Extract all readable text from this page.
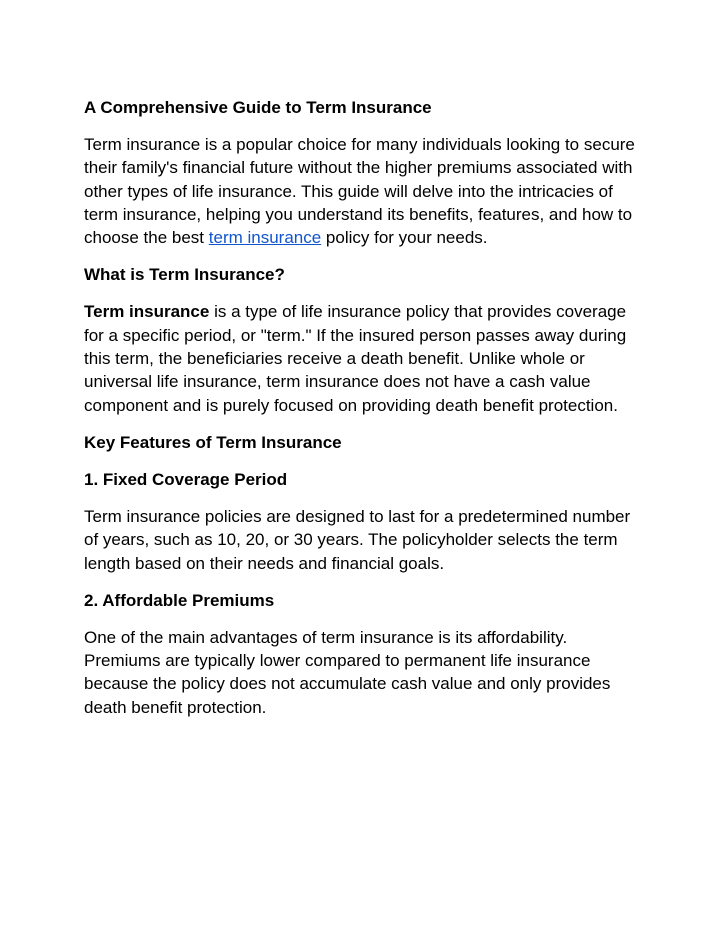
A Comprehensive Guide to Term Insurance

Term insurance is a popular choice for many individuals looking to secure their family's financial future without the higher premiums associated with other types of life insurance. This guide will delve into the intricacies of term insurance, helping you understand its benefits, features, and how to choose the best term insurance policy for your needs.

What is Term Insurance?

Term insurance is a type of life insurance policy that provides coverage for a specific period, or "term." If the insured person passes away during this term, the beneficiaries receive a death benefit. Unlike whole or universal life insurance, term insurance does not have a cash value component and is purely focused on providing death benefit protection.

Key Features of Term Insurance
1. Fixed Coverage Period

Term insurance policies are designed to last for a predetermined number of years, such as 10, 20, or 30 years. The policyholder selects the term length based on their needs and financial goals.

2. Affordable Premiums

One of the main advantages of term insurance is its affordability. Premiums are typically lower compared to permanent life insurance because the policy does not accumulate cash value and only provides death benefit protection.
